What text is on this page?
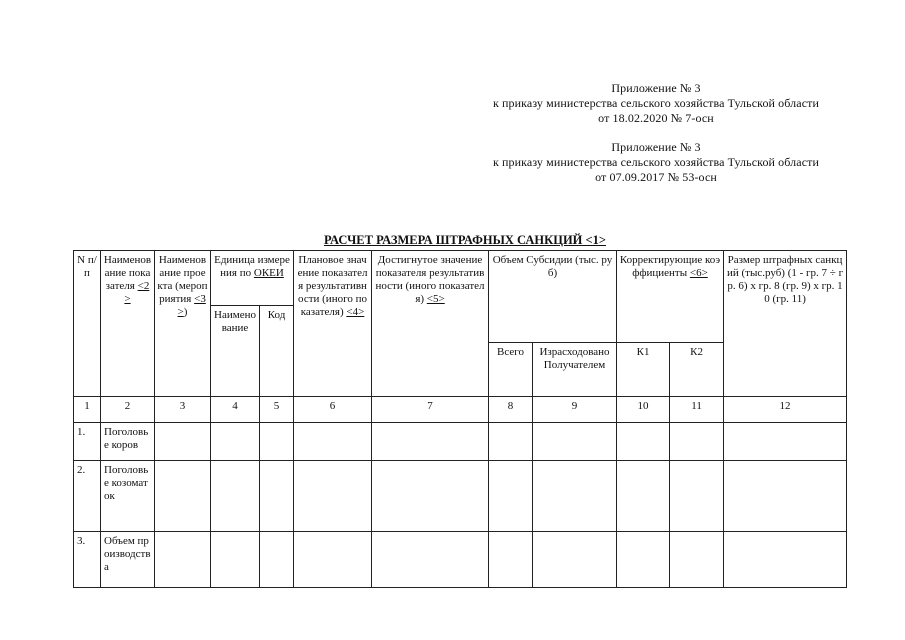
Приложение № 3
к приказу министерства сельского хозяйства Тульской области
от 18.02.2020 № 7-осн
Приложение № 3
к приказу министерства сельского хозяйства Тульской области
от 07.09.2017 № 53-осн
РАСЧЕТ РАЗМЕРА ШТРАФНЫХ САНКЦИЙ <1>
N п/п	Наименование показателя <2>	Наименование проекта (мероприятия <3>)	Единица измерения по ОКЕИ		Плановое значение показателя результативности (иного показателя) <4>	Достигнутое значение показателя результативности (иного показателя) <5>	Объем Субсидии (тыс. руб)		Корректирующие коэффициенты <6>		Размер штрафных санкций (тыс.руб) (1 - гр. 7 ÷ гр. 6) х гр. 8 (гр. 9) х гр. 10 (гр. 11)
			Наименование	Код							
							Всего	Израсходовано Получателем	К1	К2	
1	2	3	4	5	6	7	8	9	10	11	12
1.	Поголовье коров										
2.	Поголовье козоматок										
3.	Объем производства										
